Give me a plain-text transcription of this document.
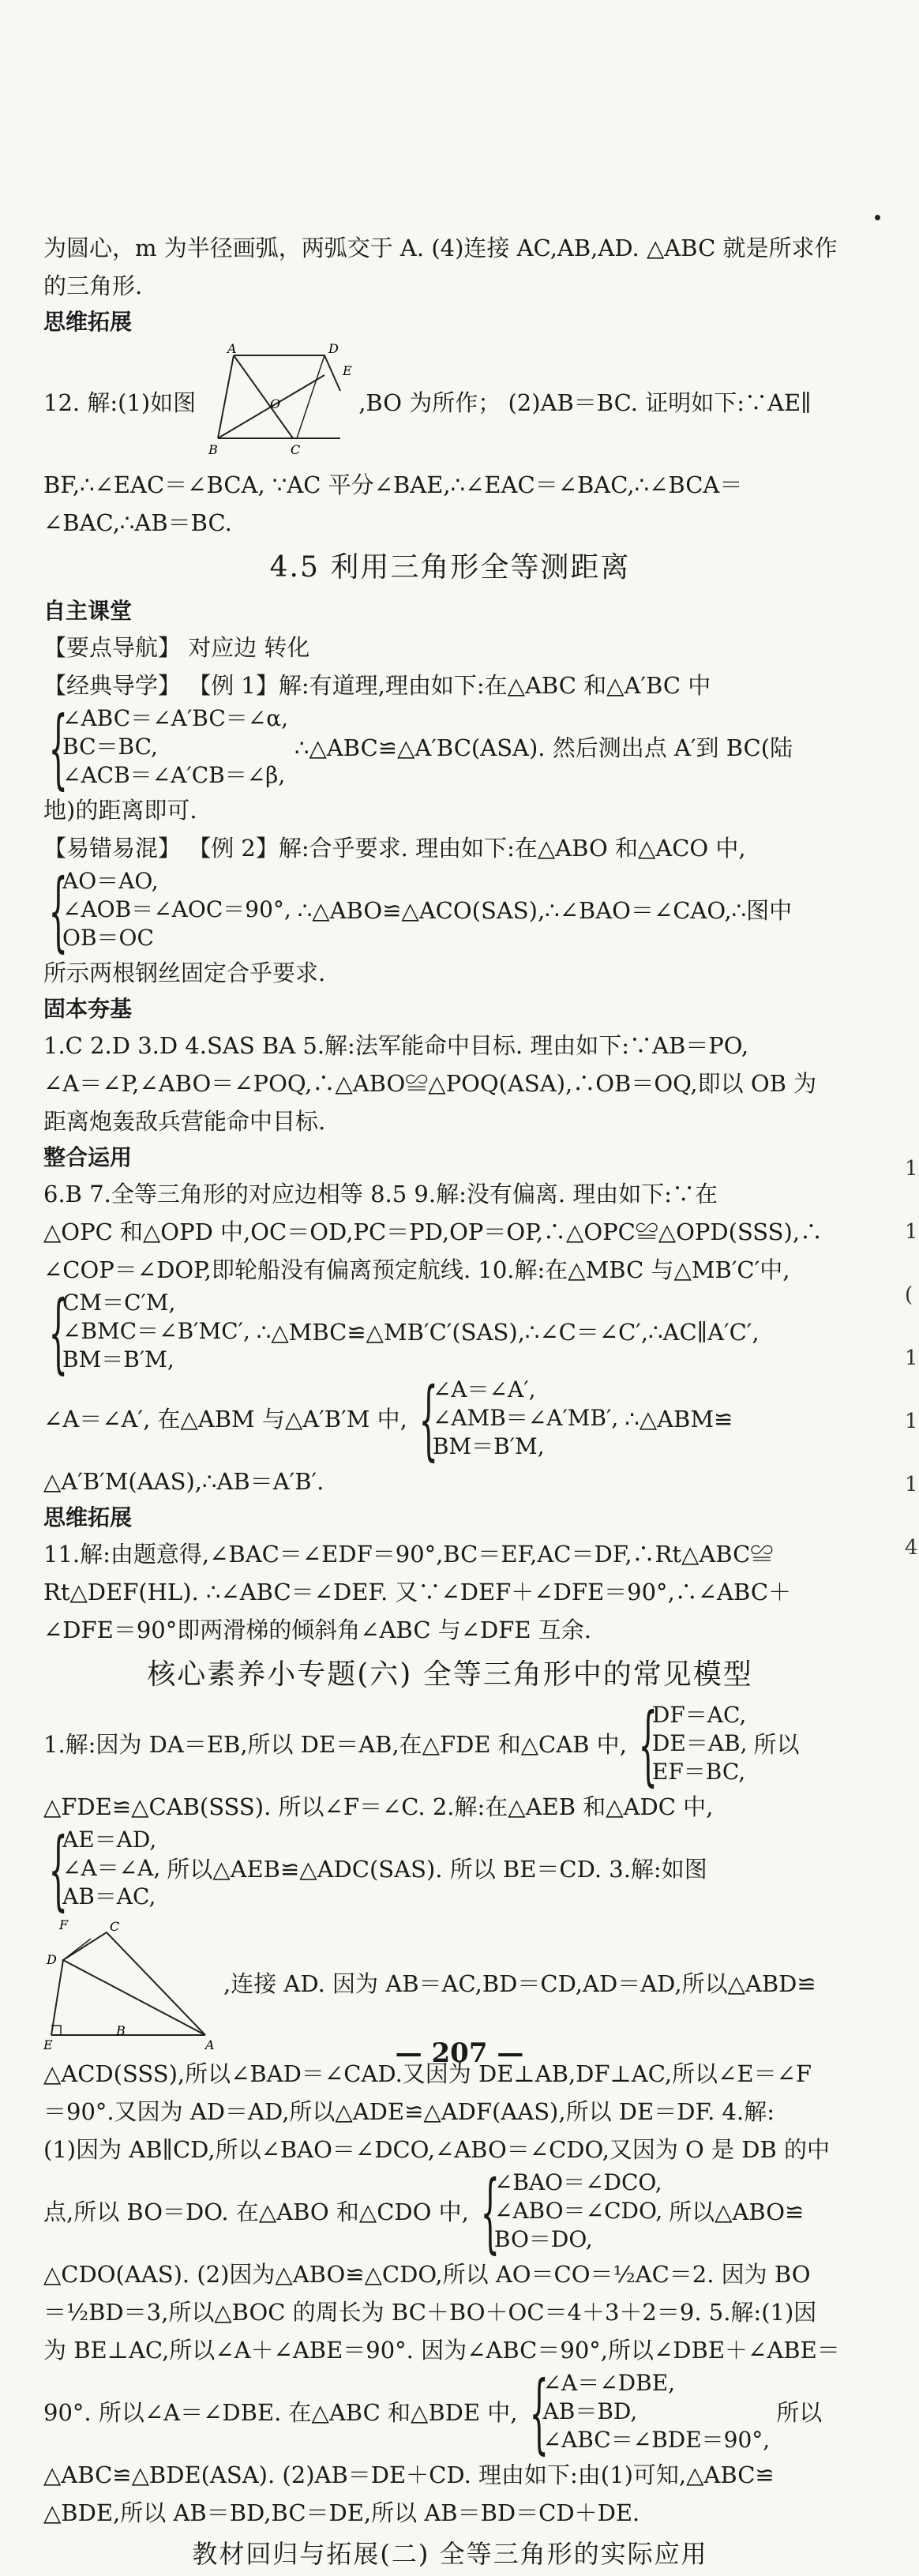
为圆心，m 为半径画弧，两弧交于 A. (4)连接 AC,AB,AD. △ABC 就是所求作
的三角形.
思维拓展
12. 解:(1)如图
A
B	C
D
E
O	,BO 为所作； (2)AB＝BC. 证明如下:∵AE∥
BF,∴∠EAC＝∠BCA, ∵AC 平分∠BAE,∴∠EAC＝∠BAC,∴∠BCA＝
∠BAC,∴AB＝BC.
4.5 利用三角形全等测距离
自主课堂
【要点导航】 对应边 转化
【经典导学】 【例 1】解:有道理,理由如下:在△ABC 和△A′BC 中
{
∠ABC＝∠A′BC＝∠α,
BC＝BC,
∠ACB＝∠A′CB＝∠β,
∴△ABC≌△A′BC(ASA). 然后测出点 A′到 BC(陆
地)的距离即可.
【易错易混】 【例 2】解:合乎要求. 理由如下:在△ABO 和△ACO 中,
{
AO＝AO,
∠AOB＝∠AOC＝90°,
OB＝OC
∴△ABO≌△ACO(SAS),∴∠BAO＝∠CAO,∴图中
所示两根钢丝固定合乎要求.
固本夯基
1.C 2.D 3.D 4.SAS BA 5.解:法军能命中目标. 理由如下:∵AB＝PO,
∠A＝∠P,∠ABO＝∠POQ,∴△ABO≌△POQ(ASA),∴OB＝OQ,即以 OB 为
距离炮轰敌兵营能命中目标.
整合运用
6.B 7.全等三角形的对应边相等 8.5 9.解:没有偏离. 理由如下:∵在
△OPC 和△OPD 中,OC＝OD,PC＝PD,OP＝OP,∴△OPC≌△OPD(SSS),∴
∠COP＝∠DOP,即轮船没有偏离预定航线. 10.解:在△MBC 与△MB′C′中,
{
CM＝C′M,
∠BMC＝∠B′MC′,
BM＝B′M,
∴△MBC≌△MB′C′(SAS),∴∠C＝∠C′,∴AC∥A′C′,
∠A＝∠A′, 在△ABM 与△A′B′M 中, {
∠A＝∠A′,
∠AMB＝∠A′MB′,
BM＝B′M,
∴△ABM≌
△A′B′M(AAS),∴AB＝A′B′.
思维拓展
11.解:由题意得,∠BAC＝∠EDF＝90°,BC＝EF,AC＝DF,∴Rt△ABC≌
Rt△DEF(HL). ∴∠ABC＝∠DEF. 又∵∠DEF＋∠DFE＝90°,∴∠ABC＋
∠DFE＝90°即两滑梯的倾斜角∠ABC 与∠DFE 互余.
核心素养小专题(六) 全等三角形中的常见模型
1.解:因为 DA＝EB,所以 DE＝AB,在△FDE 和△CAB 中, {
DF＝AC,
DE＝AB,
EF＝BC,
所以
△FDE≌△CAB(SSS). 所以∠F＝∠C. 2.解:在△AEB 和△ADC 中,
{
AE＝AD,
∠A＝∠A,
AB＝AC,
所以△AEB≌△ADC(SAS). 所以 BE＝CD. 3.解:如图
F	C
D
B
E	A
,连接 AD. 因为 AB＝AC,BD＝CD,AD＝AD,所以△ABD≌
△ACD(SSS),所以∠BAD＝∠CAD.又因为 DE⊥AB,DF⊥AC,所以∠E＝∠F
＝90°.又因为 AD＝AD,所以△ADE≌△ADF(AAS),所以 DE＝DF. 4.解:
(1)因为 AB∥CD,所以∠BAO＝∠DCO,∠ABO＝∠CDO,又因为 O 是 DB 的中
点,所以 BO＝DO. 在△ABO 和△CDO 中, {
∠BAO＝∠DCO,
∠ABO＝∠CDO,
BO＝DO,
所以△ABO≌
△CDO(AAS). (2)因为△ABO≌△CDO,所以 AO＝CO＝½AC＝2. 因为 BO
＝½BD＝3,所以△BOC 的周长为 BC＋BO＋OC＝4＋3＋2＝9. 5.解:(1)因
为 BE⊥AC,所以∠A＋∠ABE＝90°. 因为∠ABC＝90°,所以∠DBE＋∠ABE＝
90°. 所以∠A＝∠DBE. 在△ABC 和△BDE 中, {
∠A＝∠DBE,
AB＝BD,
∠ABC＝∠BDE＝90°,
所以
△ABC≌△BDE(ASA). (2)AB＝DE＋CD. 理由如下:由(1)可知,△ABC≌
△BDE,所以 AB＝BD,BC＝DE,所以 AB＝BD＝CD＋DE.
教材回归与拓展(二) 全等三角形的实际应用
— 207 —
1
1
(
1
1
1
4
